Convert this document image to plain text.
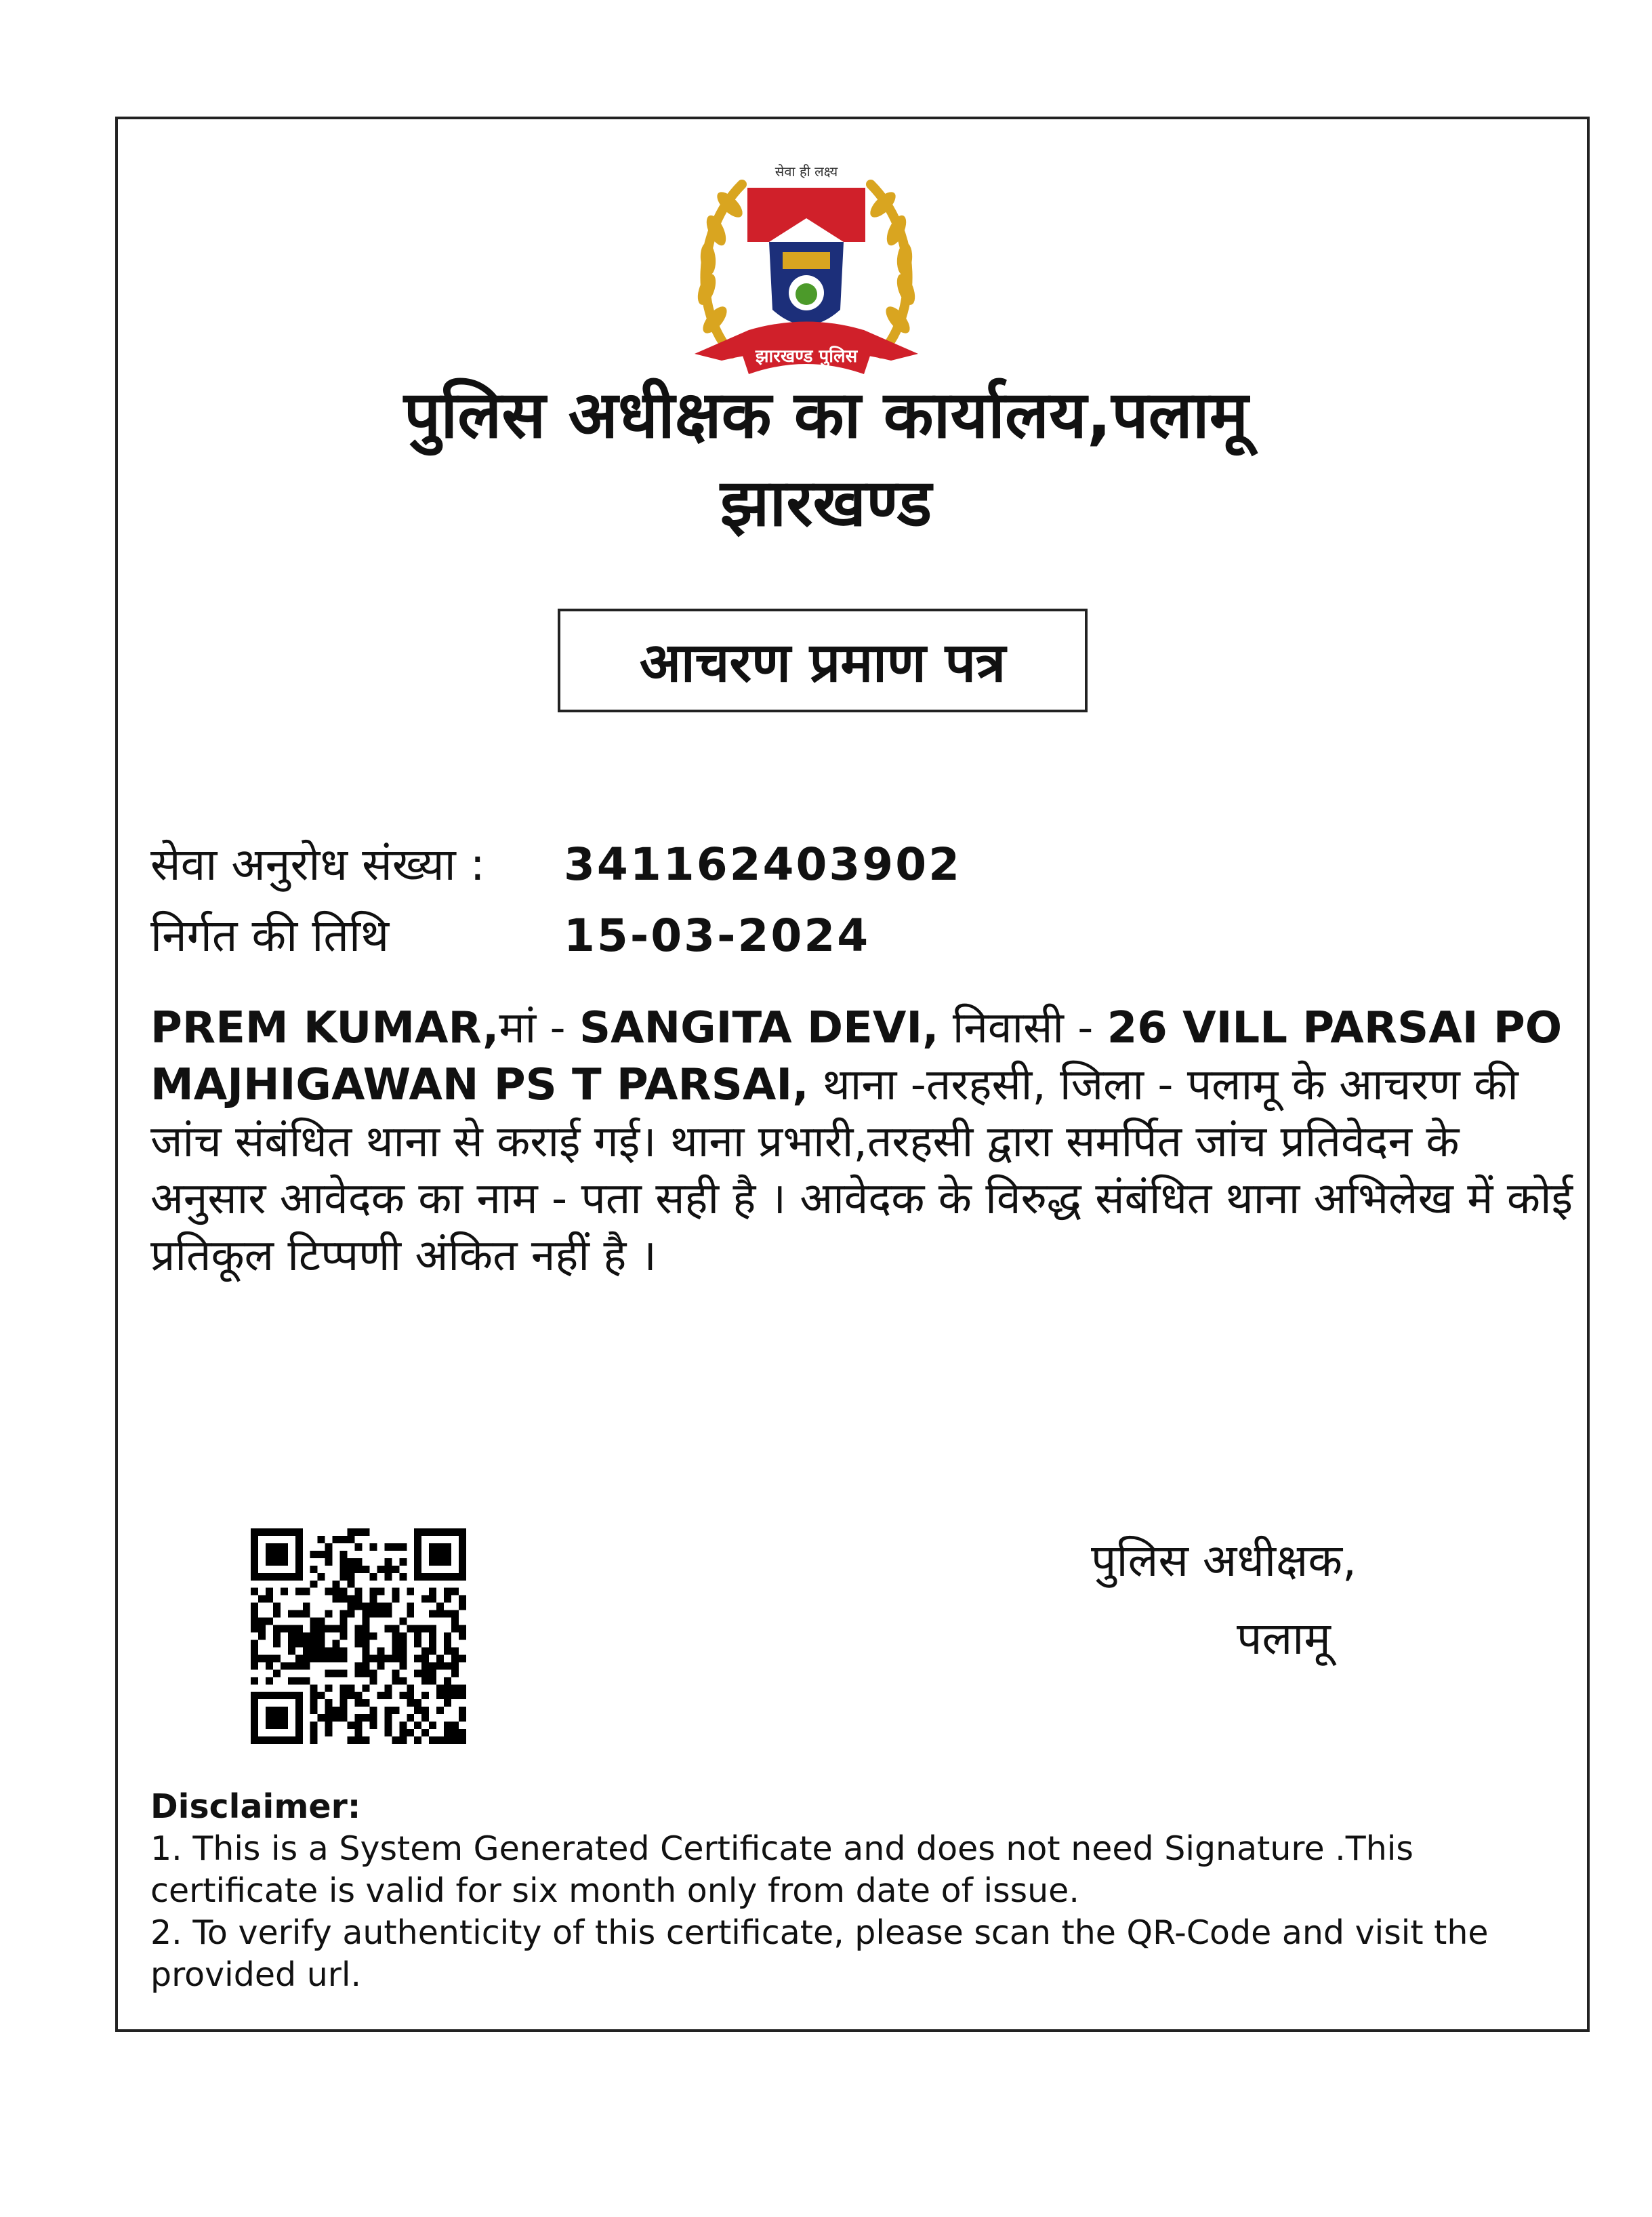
सेवा ही लक्ष्य
झारखण्ड पुलिस
पुलिस अधीक्षक का कार्यालय,पलामू
झारखण्ड
आचरण प्रमाण पत्र
सेवा अनुरोध संख्या : 341162403902
निर्गत की तिथि	15-03-2024
PREM KUMAR,मां - SANGITA DEVI, निवासी - 26 VILL PARSAI PO MAJHIGAWAN PS T PARSAI, थाना -तरहसी, जिला - पलामू के आचरण की जांच संबंधित थाना से कराई गई। थाना प्रभारी,तरहसी द्वारा समर्पित जांच प्रतिवेदन के अनुसार आवेदक का नाम - पता सही है । आवेदक के विरुद्ध संबंधित थाना अभिलेख में कोई प्रतिकूल टिप्पणी अंकित नहीं है ।
पुलिस अधीक्षक,
पलामू
Disclaimer:
1. This is a System Generated Certificate and does not need Signature .This certificate is valid for six month only from date of issue.
2. To verify authenticity of this certificate, please scan the QR-Code and visit the provided url.
